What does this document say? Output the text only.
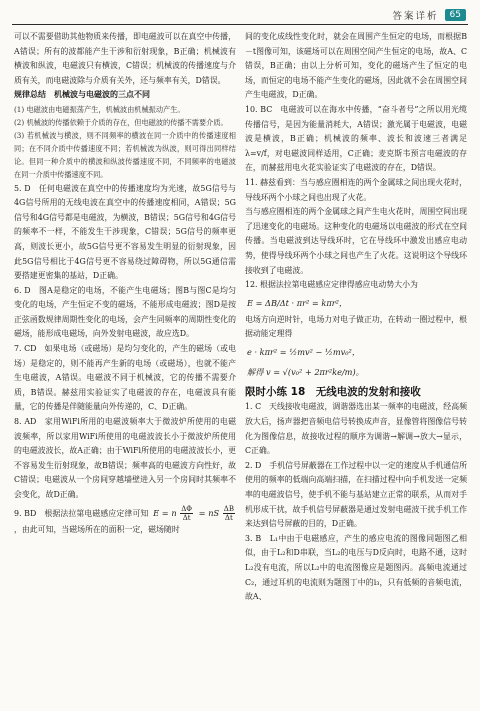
答案详析	65

可以不需要借助其他物质来传播，即电磁波可以在真空中传播，A错误；所有的波都能产生干涉和衍射现象，B正确；机械波有横波和纵波，电磁波只有横波，C错误；机械波的传播速度与介质有关，而电磁波除与介质有关外，还与频率有关，D错误。

规律总结　机械波与电磁波的三点不同

(1) 电磁波由电磁振荡产生，机械波由机械振动产生。

(2) 机械波的传播依赖于介质的存在，但电磁波的传播不需要介质。

(3) 若机械波与横波，则不同频率的横波在同一介质中的传播速度相同；在不同介质中传播速度不同；若机械波为纵波，则可得出同样结论。但同一种介质中的横波和纵波传播速度不同，不同频率的电磁波在同一介质中传播速度不同。

5. D　任何电磁波在真空中的传播速度均为光速，故5G信号与4G信号所用的无线电波在真空中的传播速度相同，A错误；5G信号和4G信号都是电磁波，为横波，B错误；5G信号和4G信号的频率不一样，不能发生干涉现象，C错误；5G信号的频率更高，则波长更小，故5G信号更不容易发生明显的衍射现象，因此5G信号相比于4G信号更不容易绕过障碍物，所以5G通信需要搭建更密集的基站，D正确。

6. D　图A是稳定的电场，不能产生电磁场；图B与图C是均匀变化的电场，产生恒定不变的磁场，不能形成电磁波；图D是按正弦函数规律周期性变化的电场，会产生同频率的周期性变化的磁场，能形成电磁场，向外发射电磁波，故应选D。

7. CD　如果电场（或磁场）是均匀变化的，产生的磁场（或电场）是稳定的，则不能再产生新的电场（或磁场），也就不能产生电磁波，A错误。电磁波不同于机械波，它的传播不需要介质，B错误。赫兹用实验证实了电磁波的存在，电磁波具有能量，它的传播是伴随能量向外传递的，C、D正确。

8. AD　家用WiFi所用的电磁波频率大于微波炉所使用的电磁波频率，所以家用WiFi所使用的电磁波波长小于微波炉所使用的电磁波波长，故A正确；由于WiFi所使用的电磁波波长小，更不容易发生衍射现象，故B错误；频率高的电磁波方向性好，故C错误；电磁波从一个房间穿越墙壁进入另一个房间时其频率不会变化，故D正确。

9. BD　根据法拉第电磁感应定律可知 E = n $\frac{\Delta\Phi}{\Delta t}$ = nS $\frac{\Delta B}{\Delta t}$
，由此可知，当磁场所在的面积一定，磁场随时

间的变化成线性变化时，就会在周围产生恒定的电场，而根据B－t图像可知，该磁场可以在周围空间产生恒定的电场，故A、C错误，B正确；由以上分析可知，变化的磁场产生了恒定的电场，而恒定的电场不能产生变化的磁场，因此就不会在周围空间产生电磁波，D正确。

10. BC　电磁波可以在海水中传播，“奋斗者号”之所以用光缆传播信号，是因为能量消耗大，A错误；激光属于电磁波，电磁波是横波，B正确；机械波的频率、波长和波速三者满足λ=v/f，对电磁波同样适用，C正确；麦克斯韦预言电磁波的存在，而赫兹用电火花实验证实了电磁波的存在，D错误。

11. 赫兹看到：当与感应圈相连的两个金属球之间出现火花时，导线环两个小球之间也出现了火花。

当与感应圈相连的两个金属球之间产生电火花时，周围空间出现了迅速变化的电磁场。这种变化的电磁场以电磁波的形式在空间传播。当电磁波到达导线环时，它在导线环中激发出感应电动势，使得导线环两个小球之间也产生了火花。这说明这个导线环接收到了电磁波。

12. 根据法拉第电磁感应定律得感应电动势大小为

E = ΔB/Δt · πr² = kπr²，

电场方向逆时针，电场力对电子做正功，在转动一圈过程中，根据动能定理得

e · kπr² = ½mv² − ½mv₀²，

解得 v = √(v₀² + 2πr²ke/m)。

限时小练 18　无线电波的发射和接收

1. C　天线接收电磁波，调谐器选出某一频率的电磁波，经高频放大后，扬声器把音频电信号转换成声音，显像管将图像信号转化为图像信息，故接收过程的顺序为调谐→解调→放大→显示，C正确。

2. D　手机信号屏蔽器在工作过程中以一定的速度从手机通信所使用的频率的低端向高端扫描，在扫描过程中向手机发送一定频率的电磁波信号，使手机不能与基站建立正常的联系，从而对手机形成干扰，故手机信号屏蔽器是通过发射电磁波干扰手机工作来达到信号屏蔽的目的，D正确。

3. B　L₁中由于电磁感应，产生的感应电流的图像同题图乙相似，由于L₂和D串联，当L₂的电压与D反向时，电路不通，这时L₂没有电流，所以L₂中的电流图像应是题图丙。高频电流通过C₂，通过耳机的电流则为题图丁中的i₃，只有低频的音频电流，故A、
